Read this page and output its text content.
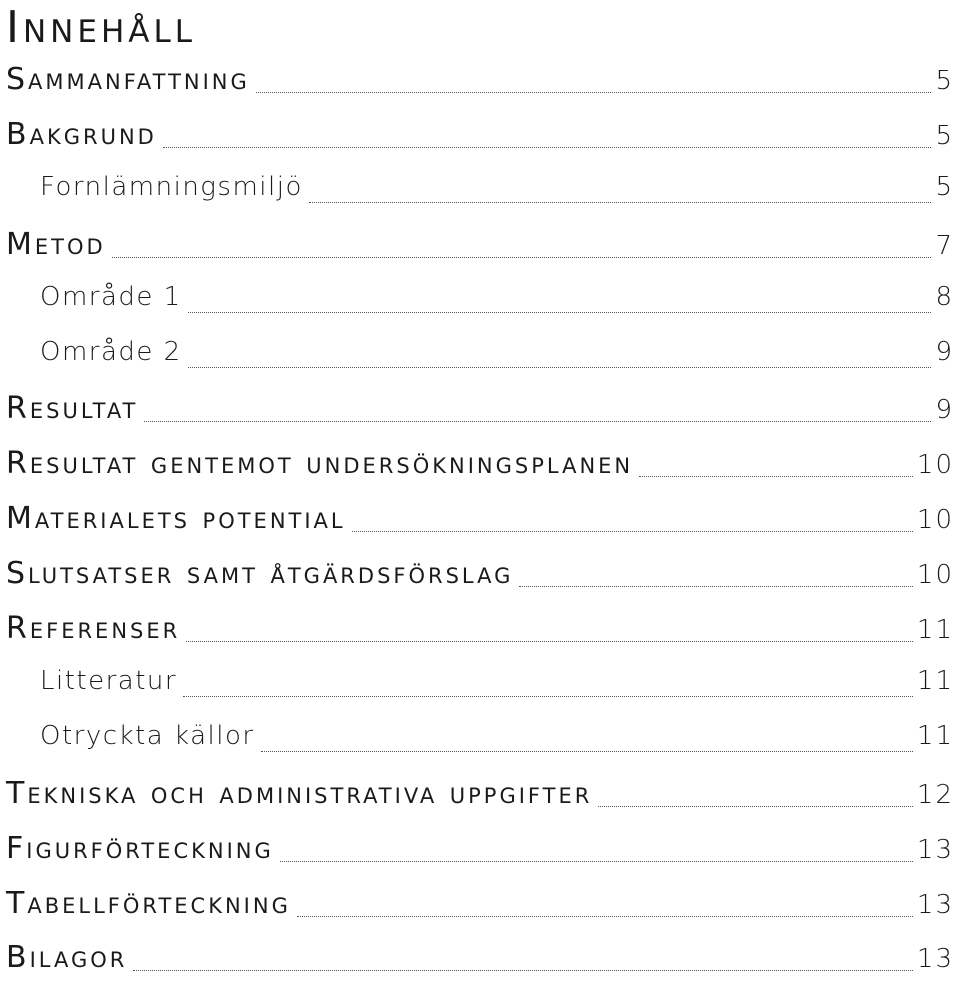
Innehåll
Sammanfattning	5
Bakgrund	5
Fornlämningsmiljö	5
Metod	7
Område 1	8
Område 2	9
Resultat	9
Resultat gentemot undersökningsplanen	10
Materialets potential	10
Slutsatser samt åtgärdsförslag	10
Referenser	11
Litteratur	11
Otryckta källor	11
Tekniska och administrativa uppgifter	12
Figurförteckning	13
Tabellförteckning	13
Bilagor	13
